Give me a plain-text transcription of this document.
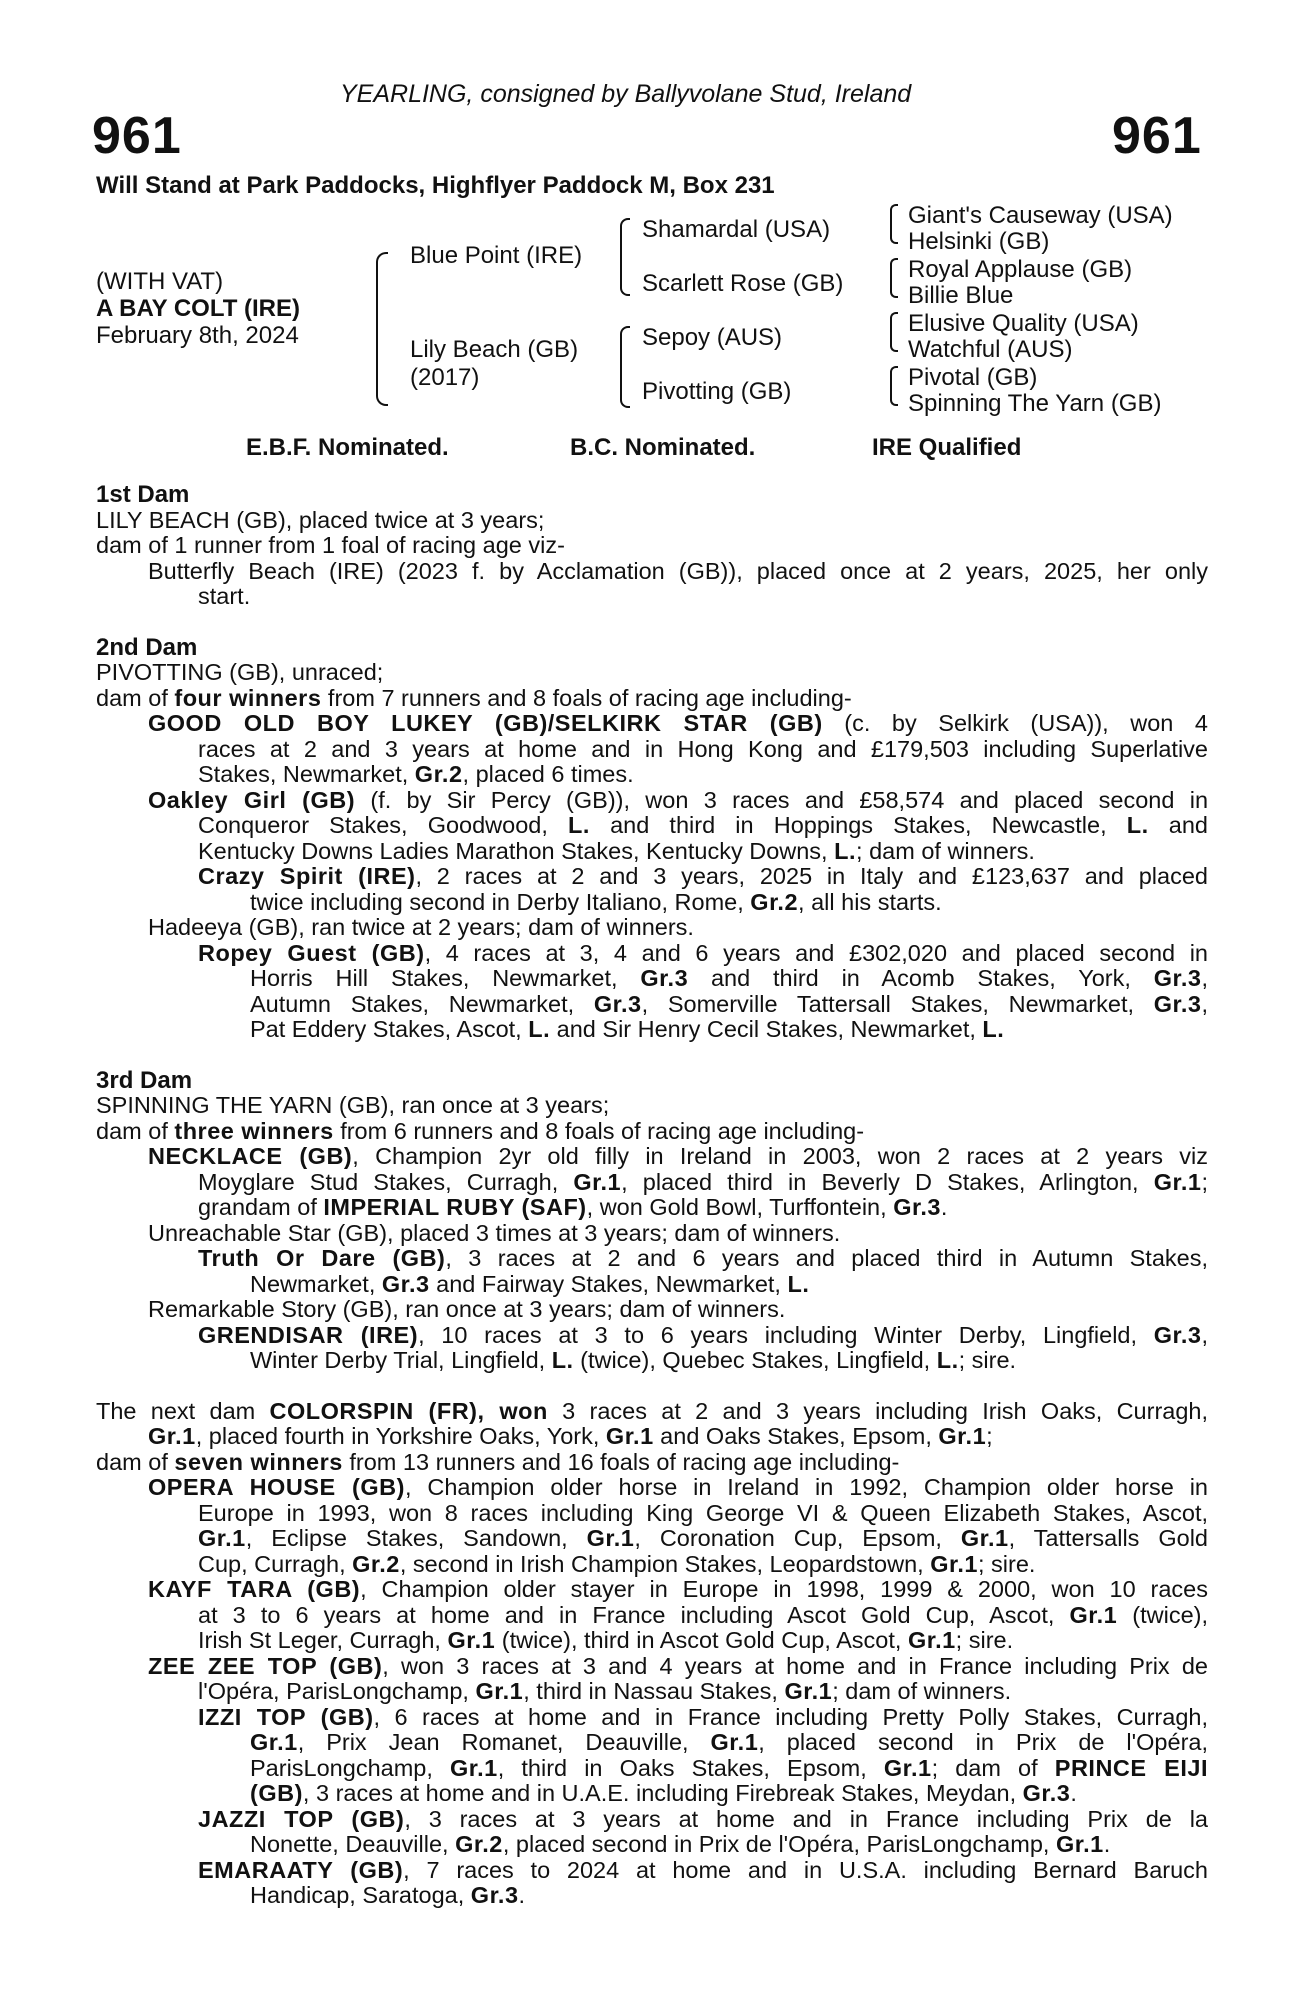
YEARLING, consigned by Ballyvolane Stud, Ireland
961	961
Will Stand at Park Paddocks, Highflyer Paddock M, Box 231
(WITH VAT)
A BAY COLT (IRE)
February 8th, 2024
Blue Point (IRE)
Lily Beach (GB)
(2017)
Shamardal (USA)
Scarlett Rose (GB)
Sepoy (AUS)
Pivotting (GB)
Giant's Causeway (USA)
Helsinki (GB)
Royal Applause (GB)
Billie Blue
Elusive Quality (USA)
Watchful (AUS)
Pivotal (GB)
Spinning The Yarn (GB)
E.B.F. Nominated.	B.C. Nominated.	IRE Qualified
1st Dam
LILY BEACH (GB), placed twice at 3 years;
dam of 1 runner from 1 foal of racing age viz-
Butterfly Beach (IRE) (2023 f. by Acclamation (GB)), placed once at 2 years, 2025, her only
start.
2nd Dam
PIVOTTING (GB), unraced;
dam of four winners from 7 runners and 8 foals of racing age including-
GOOD OLD BOY LUKEY (GB)/SELKIRK STAR (GB) (c. by Selkirk (USA)), won 4
races at 2 and 3 years at home and in Hong Kong and £179,503 including Superlative
Stakes, Newmarket, Gr.2, placed 6 times.
Oakley Girl (GB) (f. by Sir Percy (GB)), won 3 races and £58,574 and placed second in
Conqueror Stakes, Goodwood, L. and third in Hoppings Stakes, Newcastle, L. and
Kentucky Downs Ladies Marathon Stakes, Kentucky Downs, L.; dam of winners.
Crazy Spirit (IRE), 2 races at 2 and 3 years, 2025 in Italy and £123,637 and placed
twice including second in Derby Italiano, Rome, Gr.2, all his starts.
Hadeeya (GB), ran twice at 2 years; dam of winners.
Ropey Guest (GB), 4 races at 3, 4 and 6 years and £302,020 and placed second in
Horris Hill Stakes, Newmarket, Gr.3 and third in Acomb Stakes, York, Gr.3,
Autumn Stakes, Newmarket, Gr.3, Somerville Tattersall Stakes, Newmarket, Gr.3,
Pat Eddery Stakes, Ascot, L. and Sir Henry Cecil Stakes, Newmarket, L.
3rd Dam
SPINNING THE YARN (GB), ran once at 3 years;
dam of three winners from 6 runners and 8 foals of racing age including-
NECKLACE (GB), Champion 2yr old filly in Ireland in 2003, won 2 races at 2 years viz
Moyglare Stud Stakes, Curragh, Gr.1, placed third in Beverly D Stakes, Arlington, Gr.1;
grandam of IMPERIAL RUBY (SAF), won Gold Bowl, Turffontein, Gr.3.
Unreachable Star (GB), placed 3 times at 3 years; dam of winners.
Truth Or Dare (GB), 3 races at 2 and 6 years and placed third in Autumn Stakes,
Newmarket, Gr.3 and Fairway Stakes, Newmarket, L.
Remarkable Story (GB), ran once at 3 years; dam of winners.
GRENDISAR (IRE), 10 races at 3 to 6 years including Winter Derby, Lingfield, Gr.3,
Winter Derby Trial, Lingfield, L. (twice), Quebec Stakes, Lingfield, L.; sire.
The next dam COLORSPIN (FR), won 3 races at 2 and 3 years including Irish Oaks, Curragh,
Gr.1, placed fourth in Yorkshire Oaks, York, Gr.1 and Oaks Stakes, Epsom, Gr.1;
dam of seven winners from 13 runners and 16 foals of racing age including-
OPERA HOUSE (GB), Champion older horse in Ireland in 1992, Champion older horse in
Europe in 1993, won 8 races including King George VI & Queen Elizabeth Stakes, Ascot,
Gr.1, Eclipse Stakes, Sandown, Gr.1, Coronation Cup, Epsom, Gr.1, Tattersalls Gold
Cup, Curragh, Gr.2, second in Irish Champion Stakes, Leopardstown, Gr.1; sire.
KAYF TARA (GB), Champion older stayer in Europe in 1998, 1999 & 2000, won 10 races
at 3 to 6 years at home and in France including Ascot Gold Cup, Ascot, Gr.1 (twice),
Irish St Leger, Curragh, Gr.1 (twice), third in Ascot Gold Cup, Ascot, Gr.1; sire.
ZEE ZEE TOP (GB), won 3 races at 3 and 4 years at home and in France including Prix de
l'Opéra, ParisLongchamp, Gr.1, third in Nassau Stakes, Gr.1; dam of winners.
IZZI TOP (GB), 6 races at home and in France including Pretty Polly Stakes, Curragh,
Gr.1, Prix Jean Romanet, Deauville, Gr.1, placed second in Prix de l'Opéra,
ParisLongchamp, Gr.1, third in Oaks Stakes, Epsom, Gr.1; dam of PRINCE EIJI
(GB), 3 races at home and in U.A.E. including Firebreak Stakes, Meydan, Gr.3.
JAZZI TOP (GB), 3 races at 3 years at home and in France including Prix de la
Nonette, Deauville, Gr.2, placed second in Prix de l'Opéra, ParisLongchamp, Gr.1.
EMARAATY (GB), 7 races to 2024 at home and in U.S.A. including Bernard Baruch
Handicap, Saratoga, Gr.3.
